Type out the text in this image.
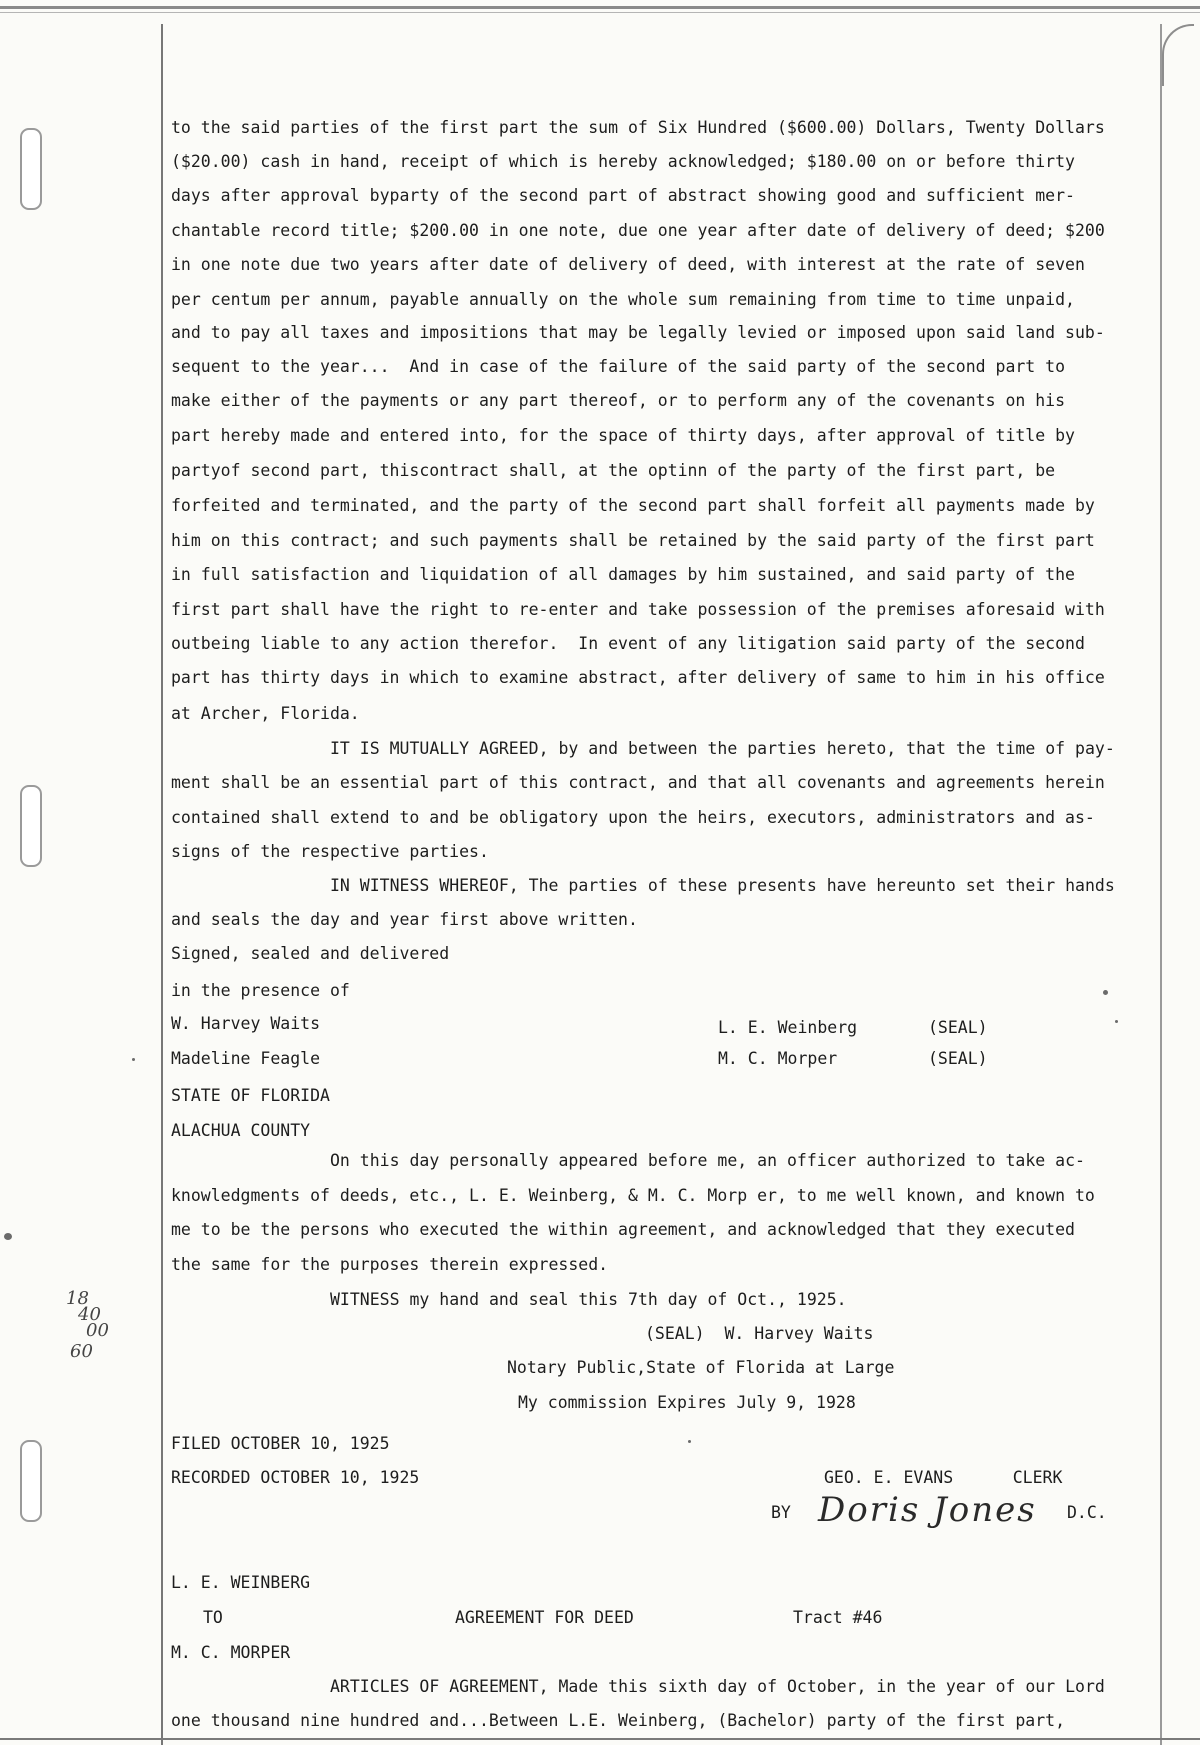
to the said parties of the first part the sum of Six Hundred ($600.00) Dollars, Twenty Dollars
($20.00) cash in hand, receipt of which is hereby acknowledged; $180.00 on or before thirty
days after approval byparty of the second part of abstract showing good and sufficient mer-
chantable record title; $200.00 in one note, due one year after date of delivery of deed; $200
in one note due two years after date of delivery of deed, with interest at the rate of seven
per centum per annum, payable annually on the whole sum remaining from time to time unpaid,
and to pay all taxes and impositions that may be legally levied or imposed upon said land sub-
sequent to the year...  And in case of the failure of the said party of the second part to
make either of the payments or any part thereof, or to perform any of the covenants on his
part hereby made and entered into, for the space of thirty days, after approval of title by
partyof second part, thiscontract shall, at the optinn of the party of the first part, be
forfeited and terminated, and the party of the second part shall forfeit all payments made by
him on this contract; and such payments shall be retained by the said party of the first part
in full satisfaction and liquidation of all damages by him sustained, and said party of the
first part shall have the right to re-enter and take possession of the premises aforesaid with
outbeing liable to any action therefor.  In event of any litigation said party of the second
part has thirty days in which to examine abstract, after delivery of same to him in his office
at Archer, Florida.
IT IS MUTUALLY AGREED, by and between the parties hereto, that the time of pay-
ment shall be an essential part of this contract, and that all covenants and agreements herein
contained shall extend to and be obligatory upon the heirs, executors, administrators and as-
signs of the respective parties.
IN WITNESS WHEREOF, The parties of these presents have hereunto set their hands
and seals the day and year first above written.
Signed, sealed and delivered
in the presence of
W. Harvey Waits	L. E. Weinberg	(SEAL)
Madeline Feagle	M. C. Morper	(SEAL)
STATE OF FLORIDA
ALACHUA COUNTY
On this day personally appeared before me, an officer authorized to take ac-
knowledgments of deeds, etc., L. E. Weinberg, & M. C. Morp er, to me well known, and known to
me to be the persons who executed the within agreement, and acknowledged that they executed
the same for the purposes therein expressed.
WITNESS my hand and seal this 7th day of Oct., 1925.
(SEAL)  W. Harvey Waits
Notary Public,State of Florida at Large
My commission Expires July 9, 1928
18
40
00
60
FILED OCTOBER 10, 1925
RECORDED OCTOBER 10, 1925	GEO. E. EVANS      CLERK
BY Doris Jones D.C.
L. E. WEINBERG
TO	AGREEMENT FOR DEED	Tract #46
M. C. MORPER
ARTICLES OF AGREEMENT, Made this sixth day of October, in the year of our Lord
one thousand nine hundred and...Between L.E. Weinberg, (Bachelor) party of the first part,
